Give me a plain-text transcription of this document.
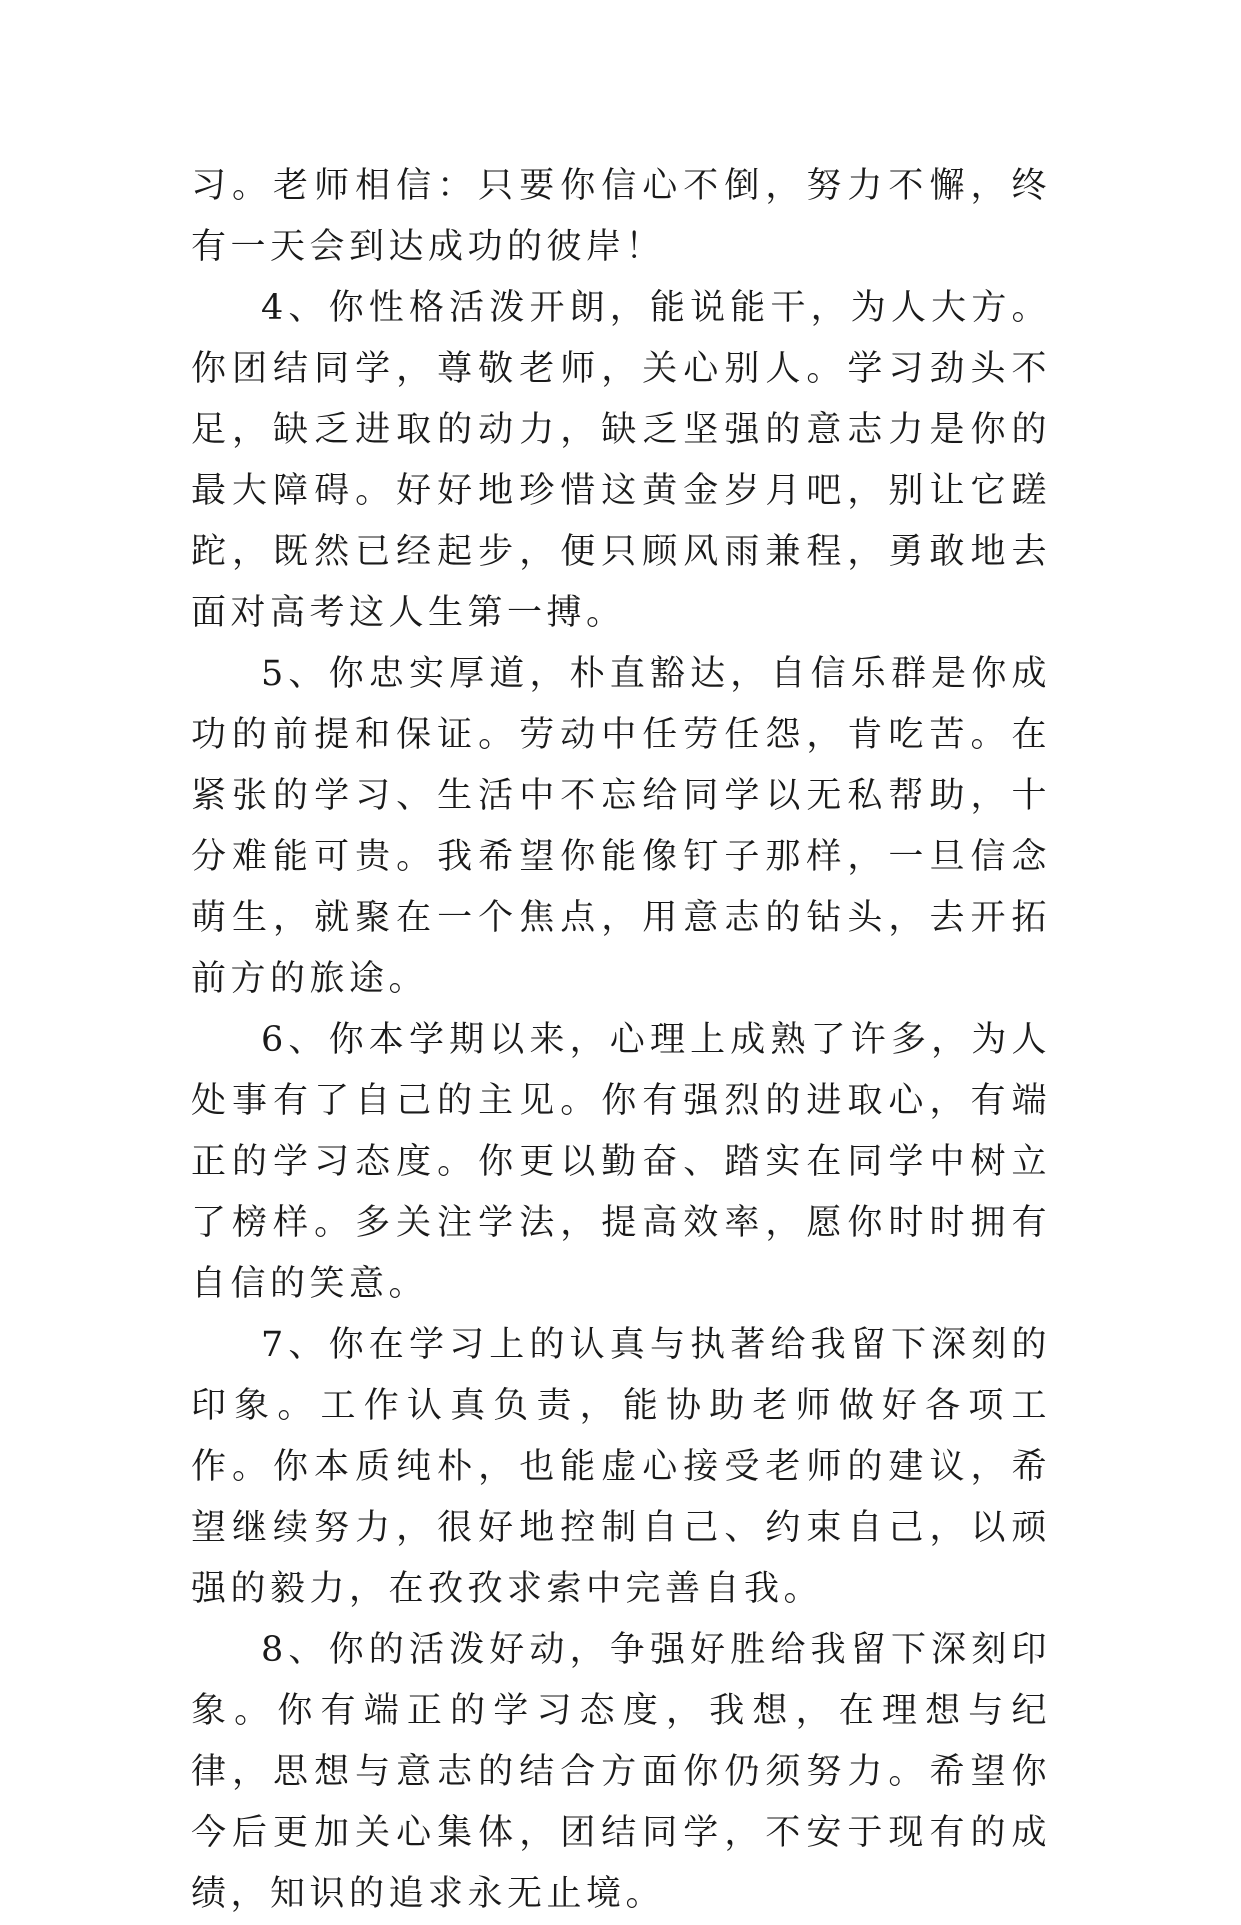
习。老师相信：只要你信心不倒，努力不懈，终有一天会到达成功的彼岸！

4、你性格活泼开朗，能说能干，为人大方。你团结同学，尊敬老师，关心别人。学习劲头不足，缺乏进取的动力，缺乏坚强的意志力是你的最大障碍。好好地珍惜这黄金岁月吧，别让它蹉跎，既然已经起步，便只顾风雨兼程，勇敢地去面对高考这人生第一搏。

5、你忠实厚道，朴直豁达，自信乐群是你成功的前提和保证。劳动中任劳任怨，肯吃苦。在紧张的学习、生活中不忘给同学以无私帮助，十分难能可贵。我希望你能像钉子那样，一旦信念萌生，就聚在一个焦点，用意志的钻头，去开拓前方的旅途。

6、你本学期以来，心理上成熟了许多，为人处事有了自己的主见。你有强烈的进取心，有端正的学习态度。你更以勤奋、踏实在同学中树立了榜样。多关注学法，提高效率，愿你时时拥有自信的笑意。

7、你在学习上的认真与执著给我留下深刻的印象。工作认真负责，能协助老师做好各项工作。你本质纯朴，也能虚心接受老师的建议，希望继续努力，很好地控制自己、约束自己，以顽强的毅力，在孜孜求索中完善自我。

8、你的活泼好动，争强好胜给我留下深刻印象。你有端正的学习态度，我想，在理想与纪律，思想与意志的结合方面你仍须努力。希望你今后更加关心集体，团结同学，不安于现有的成绩，知识的追求永无止境。
